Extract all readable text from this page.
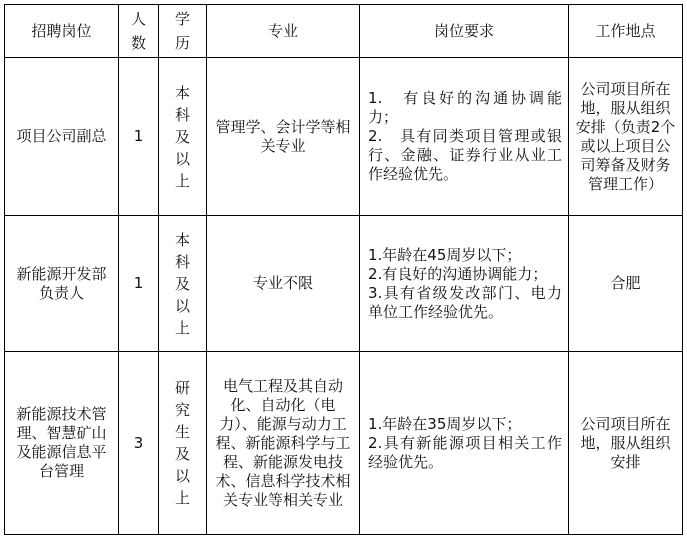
招聘岗位	人数	学历	专业	岗位要求	工作地点

项目公司副总	1	本科及以上	管理学、会计学等相关专业	1.　有良好的沟通协调能力；
2.　具有同类项目管理或银行、金融、证券行业从业工作经验优先。	公司项目所在地，服从组织安排（负责2个或以上项目公司筹备及财务管理工作）

新能源开发部负责人	1	本科及以上	专业不限	1.年龄在45周岁以下；
2.有良好的沟通协调能力；
3.具有省级发改部门、电力单位工作经验优先。	合肥

新能源技术管理、智慧矿山及能源信息平台管理	3	研究生及以上	电气工程及其自动化、自动化（电力）、能源与动力工程、新能源科学与工程、新能源发电技术、信息科学技术相关专业等相关专业	1.年龄在35周岁以下；
2.具有新能源项目相关工作经验优先。	公司项目所在地，服从组织安排
